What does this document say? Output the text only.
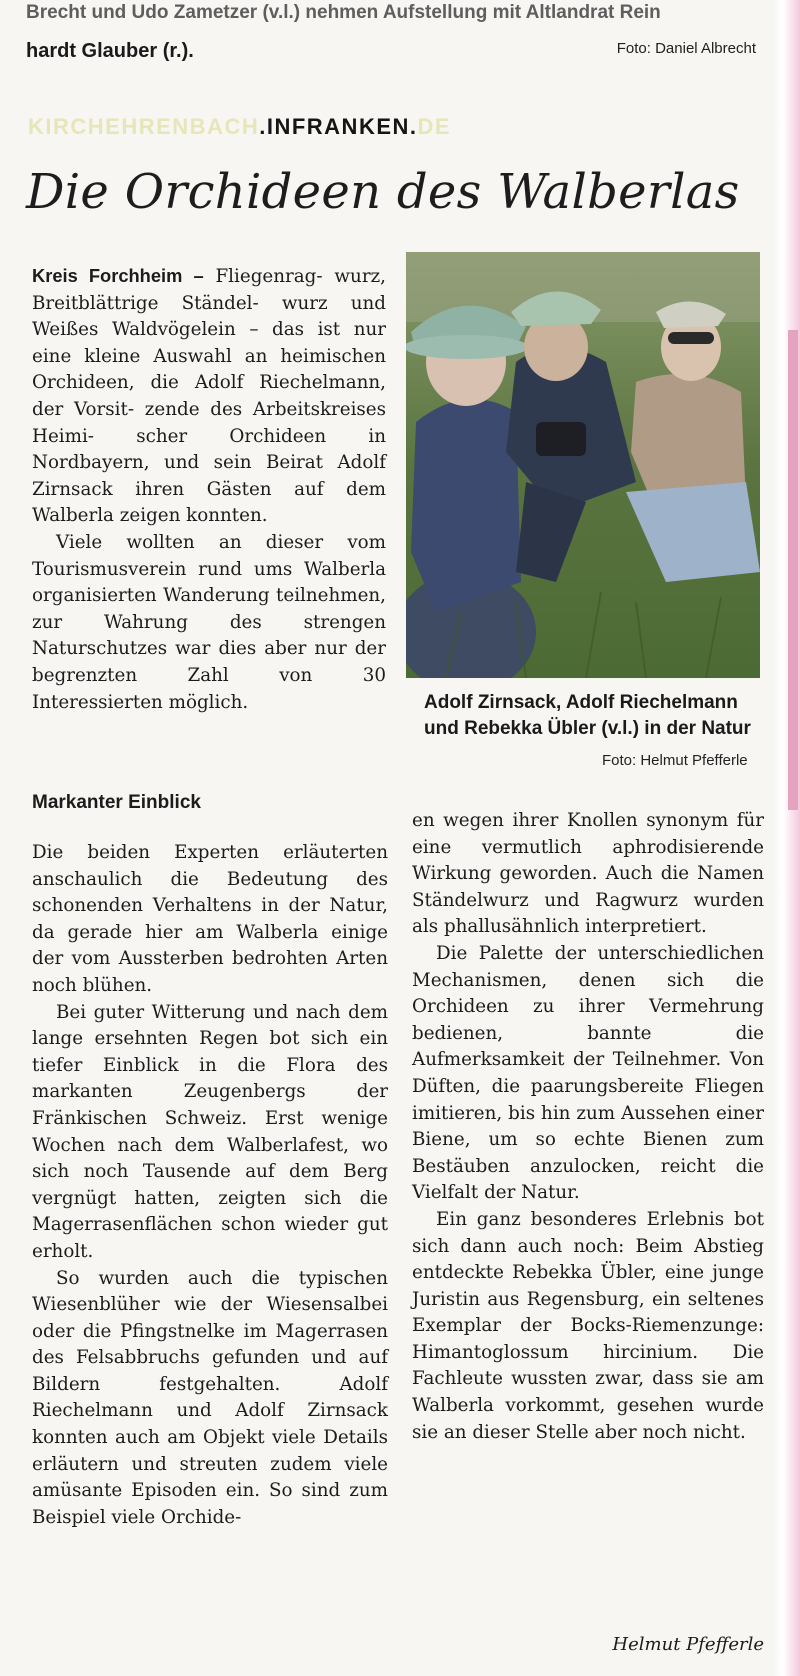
Brecht und Udo Zametzer (v.l.) nehmen Aufstellung mit Altlandrat Rein
hardt Glauber (r.).	Foto: Daniel Albrecht
KIRCHEHRENBACH.INFRANKEN.DE
Die Orchideen des Walberlas

Kreis Forchheim – Fliegenrag- wurz, Breitblättrige Ständel- wurz und Weißes Waldvögelein – das ist nur eine kleine Auswahl an heimischen Orchideen, die Adolf Riechelmann, der Vorsit- zende des Arbeitskreises Heimi- scher Orchideen in Nordbayern, und sein Beirat Adolf Zirnsack ihren Gästen auf dem Walberla zeigen konnten.

Viele wollten an dieser vom Tourismusverein rund ums Walberla organisierten Wanderung teilnehmen, zur Wahrung des strengen Naturschutzes war dies aber nur der begrenzten Zahl von 30 Interessierten möglich.

Markanter Einblick

Die beiden Experten erläuterten anschaulich die Bedeutung des schonenden Verhaltens in der Natur, da gerade hier am Walberla einige der vom Aussterben bedrohten Arten noch blühen.

Bei guter Witterung und nach dem lange ersehnten Regen bot sich ein tiefer Einblick in die Flora des markanten Zeugenbergs der Fränkischen Schweiz. Erst wenige Wochen nach dem Walberlafest, wo sich noch Tausende auf dem Berg vergnügt hatten, zeigten sich die Magerrasenflächen schon wieder gut erholt.

So wurden auch die typischen Wiesenblüher wie der Wiesensalbei oder die Pfingstnelke im Magerrasen des Felsabbruchs gefunden und auf Bildern festgehalten. Adolf Riechelmann und Adolf Zirnsack konnten auch am Objekt viele Details erläutern und streuten zudem viele amüsante Episoden ein. So sind zum Beispiel viele Orchide-

Adolf Zirnsack, Adolf Riechelmann und Rebekka Übler (v.l.) in der Natur
Foto: Helmut Pfefferle

en wegen ihrer Knollen synonym für eine vermutlich aphrodisierende Wirkung geworden. Auch die Namen Ständelwurz und Ragwurz wurden als phallusähnlich interpretiert.

Die Palette der unterschiedlichen Mechanismen, denen sich die Orchideen zu ihrer Vermehrung bedienen, bannte die Aufmerksamkeit der Teilnehmer. Von Düften, die paarungsbereite Fliegen imitieren, bis hin zum Aussehen einer Biene, um so echte Bienen zum Bestäuben anzulocken, reicht die Vielfalt der Natur.

Ein ganz besonderes Erlebnis bot sich dann auch noch: Beim Abstieg entdeckte Rebekka Übler, eine junge Juristin aus Regensburg, ein seltenes Exemplar der Bocks-Riemenzunge: Himantoglossum hircinium. Die Fachleute wussten zwar, dass sie am Walberla vorkommt, gesehen wurde sie an dieser Stelle aber noch nicht.

Helmut Pfefferle
